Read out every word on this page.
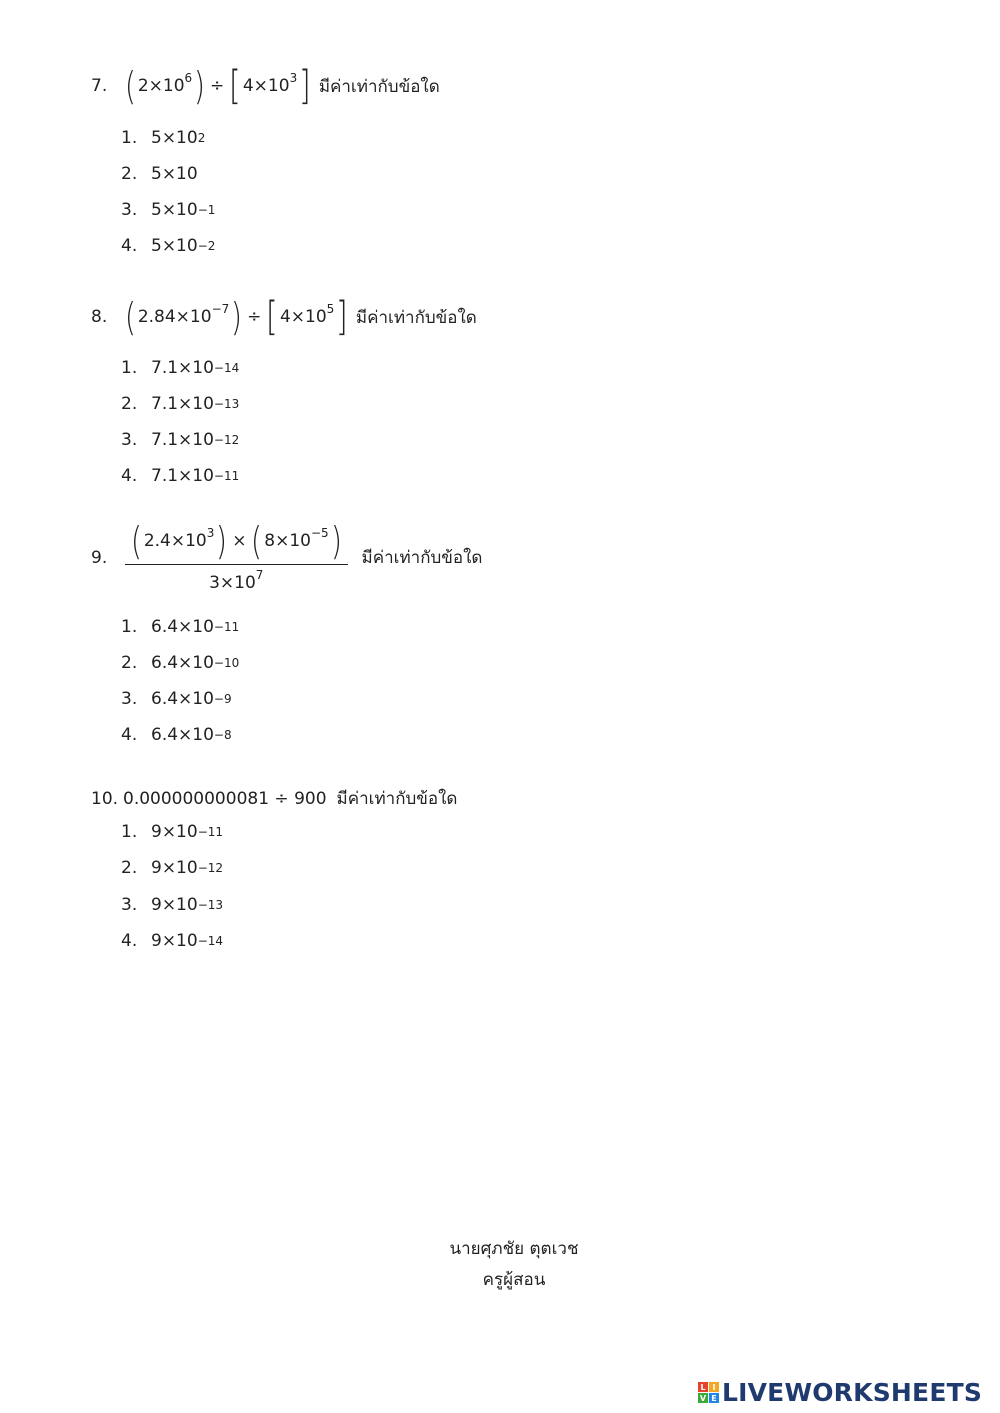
7. ( $2\times 10^6$ ) ÷ [ $4\times 10^3$ ] มีค่าเท่ากับข้อใด
1. 5×10 2
2. 5×10
3. 5×10 −1
4. 5×10 −2
8. ( $2.84\times 10^{-7}$ ) ÷ [ $4\times 10^5$ ] มีค่าเท่ากับข้อใด
1. 7.1×10 −14
2. 7.1×10 −13
3. 7.1×10 −12
4. 7.1×10 −11
9. $\frac{( 2.4\times 10^3 ) \times ( 8\times 10^{-5} )}{3\times 10^7}$ มีค่าเท่ากับข้อใด
1. 6.4×10 −11
2. 6.4×10 −10
3. 6.4×10 −9
4. 6.4×10 −8
10. 0.000000000081 ÷ 900 มีค่าเท่ากับข้อใด
1. 9×10 −11
2. 9×10 −12
3. 9×10 −13
4. 9×10 −14
นายศุภชัย ตุตเวช
ครูผู้สอน
L I
V E LIVEWORKSHEETS
